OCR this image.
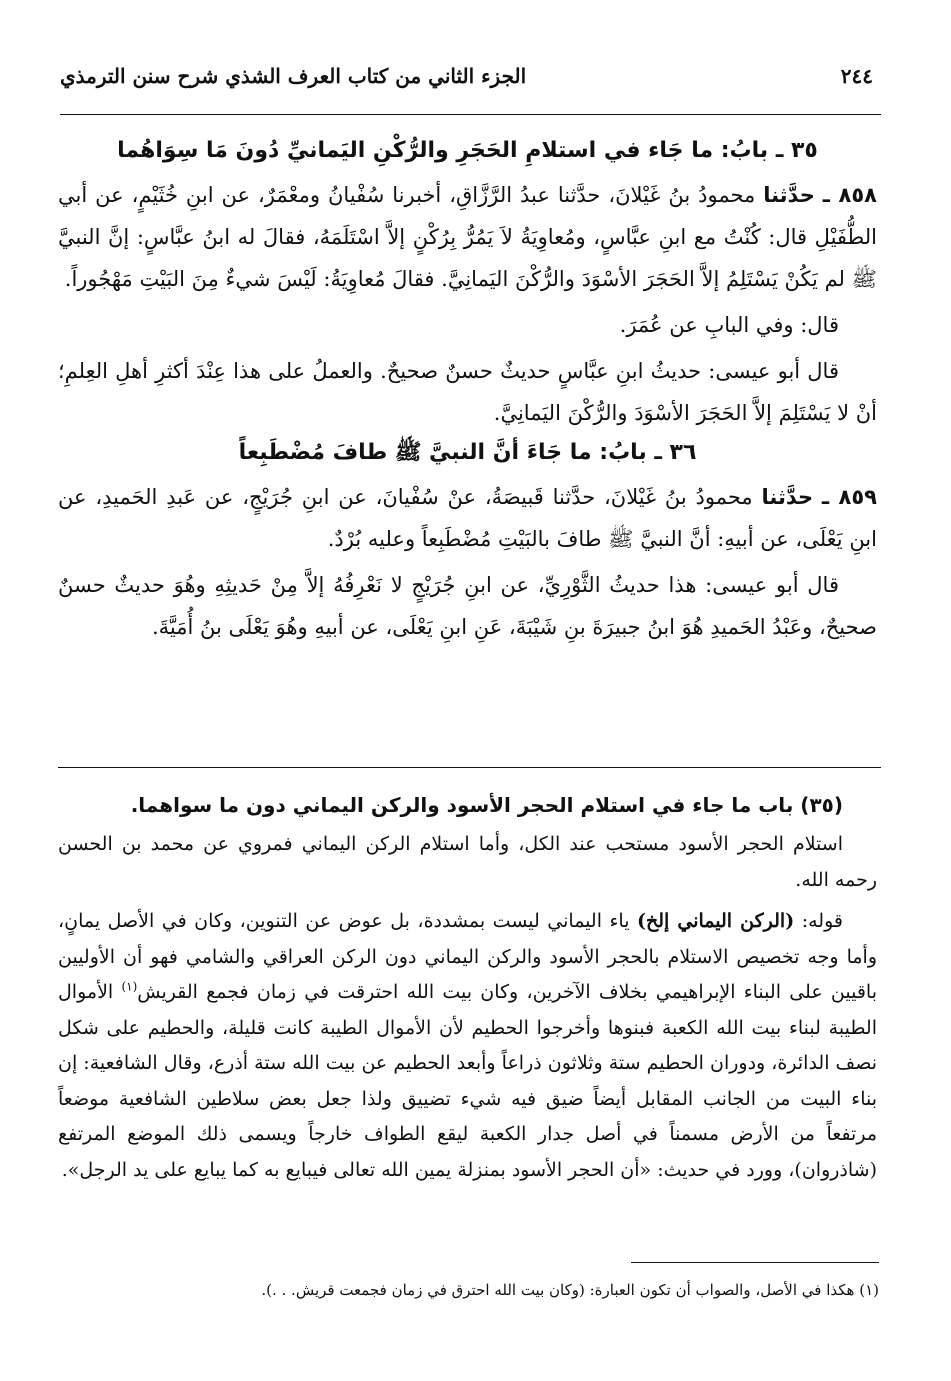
٢٤٤
الجزء الثاني من كتاب العرف الشذي شرح سنن الترمذي
٣٥ ـ بابُ: ما جَاء في استلامِ الحَجَرِ والرُّكْنِ اليَمانيِّ دُونَ مَا سِوَاهُما

٨٥٨ ـ حدَّثنا محمودُ بنُ غَيْلانَ، حدَّثنا عبدُ الرَّزَّاقِ، أخبرنا سُفْيانُ ومعْمَرٌ، عن ابنِ خُثَيْمٍ، عن أبي الطُّفَيْلِ قال: كُنْتُ مع ابنِ عبَّاسٍ، ومُعاوِيَةُ لاَ يَمُرُّ بِرُكْنٍ إلاَّ اسْتَلَمَهُ، فقالَ له ابنُ عبَّاسٍ: إنَّ النبيَّ ﷺ لم يَكُنْ يَسْتَلِمُ إلاَّ الحَجَرَ الأسْوَدَ والرُّكْنَ اليَمانِيَّ. فقالَ مُعاوِيَةُ: لَيْسَ شيءٌ مِنَ البَيْتِ مَهْجُوراً.

قال: وفي البابِ عن عُمَرَ.

قال أبو عيسى: حديثُ ابنِ عبَّاسٍ حديثٌ حسنٌ صحيحٌ. والعملُ على هذا عِنْدَ أكثرِ أهلِ العِلمِ؛ أنْ لا يَسْتَلِمَ إلاَّ الحَجَرَ الأسْوَدَ والرُّكْنَ اليَمانِيَّ.

٣٦ ـ بابُ: ما جَاءَ أنَّ النبيَّ ﷺ طافَ مُضْطَبِعاً

٨٥٩ ـ حدَّثنا محمودُ بنُ غَيْلانَ، حدَّثنا قَبيصَةُ، عنْ سُفْيانَ، عن ابنِ جُرَيْجٍ، عن عَبدِ الحَميدِ، عن ابنِ يَعْلَى، عن أبيهِ: أنَّ النبيَّ ﷺ طافَ بالبَيْتِ مُضْطَبِعاً وعليه بُرْدٌ.

قال أبو عيسى: هذا حديثُ الثَّوْرِيِّ، عن ابنِ جُرَيْجٍ لا نَعْرِفُهُ إلاَّ مِنْ حَديثِهِ وهُوَ حديثٌ حسنٌ صحيحٌ، وعَبْدُ الحَميدِ هُوَ ابنُ جبيرَةَ بنِ شَيْبَةَ، عَنِ ابنِ يَعْلَى، عن أبيهِ وهُوَ يَعْلَى بنُ أُمَيَّةَ.

(٣٥) باب ما جاء في استلام الحجر الأسود والركن اليماني دون ما سواهما.

استلام الحجر الأسود مستحب عند الكل، وأما استلام الركن اليماني فمروي عن محمد بن الحسن رحمه الله.

قوله: (الركن اليماني إلخ) ياء اليماني ليست بمشددة، بل عوض عن التنوين، وكان في الأصل يمانٍ، وأما وجه تخصيص الاستلام بالحجر الأسود والركن اليماني دون الركن العراقي والشامي فهو أن الأوليين باقيين على البناء الإبراهيمي بخلاف الآخرين، وكان بيت الله احترقت في زمان فجمع القريش$^{(١)}$ الأموال الطيبة لبناء بيت الله الكعبة فبنوها وأخرجوا الحطيم لأن الأموال الطيبة كانت قليلة، والحطيم على شكل نصف الدائرة، ودوران الحطيم ستة وثلاثون ذراعاً وأبعد الحطيم عن بيت الله ستة أذرع، وقال الشافعية: إن بناء البيت من الجانب المقابل أيضاً ضيق فيه شيء تضييق ولذا جعل بعض سلاطين الشافعية موضعاً مرتفعاً من الأرض مسمناً في أصل جدار الكعبة ليقع الطواف خارجاً ويسمى ذلك الموضع المرتفع (شاذروان)، وورد في حديث: «أن الحجر الأسود بمنزلة يمين الله تعالى فيبايع به كما يبايع على يد الرجل».

(١) هكذا في الأصل، والصواب أن تكون العبارة: (وكان بيت الله احترق في زمان فجمعت قريش. . .).
